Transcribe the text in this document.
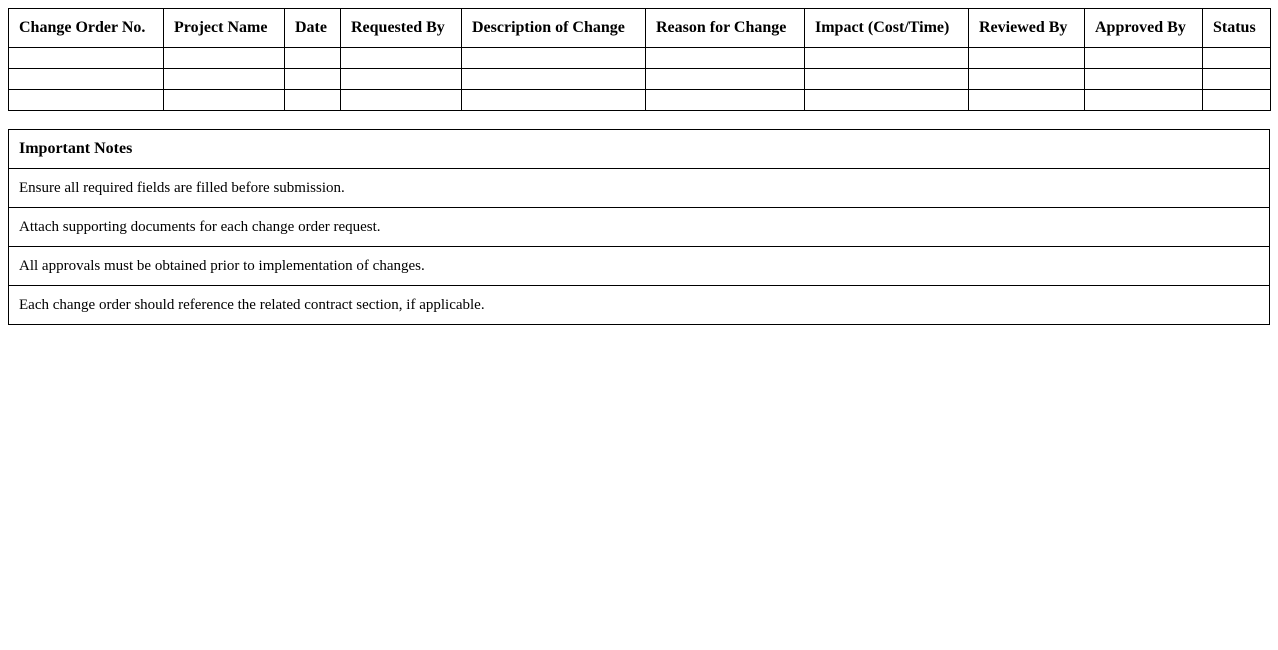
Change Order No.	Project Name	Date	Requested By	Description of Change	Reason for Change	Impact (Cost/Time)	Reviewed By	Approved By	Status

Important Notes
Ensure all required fields are filled before submission.
Attach supporting documents for each change order request.
All approvals must be obtained prior to implementation of changes.
Each change order should reference the related contract section, if applicable.
